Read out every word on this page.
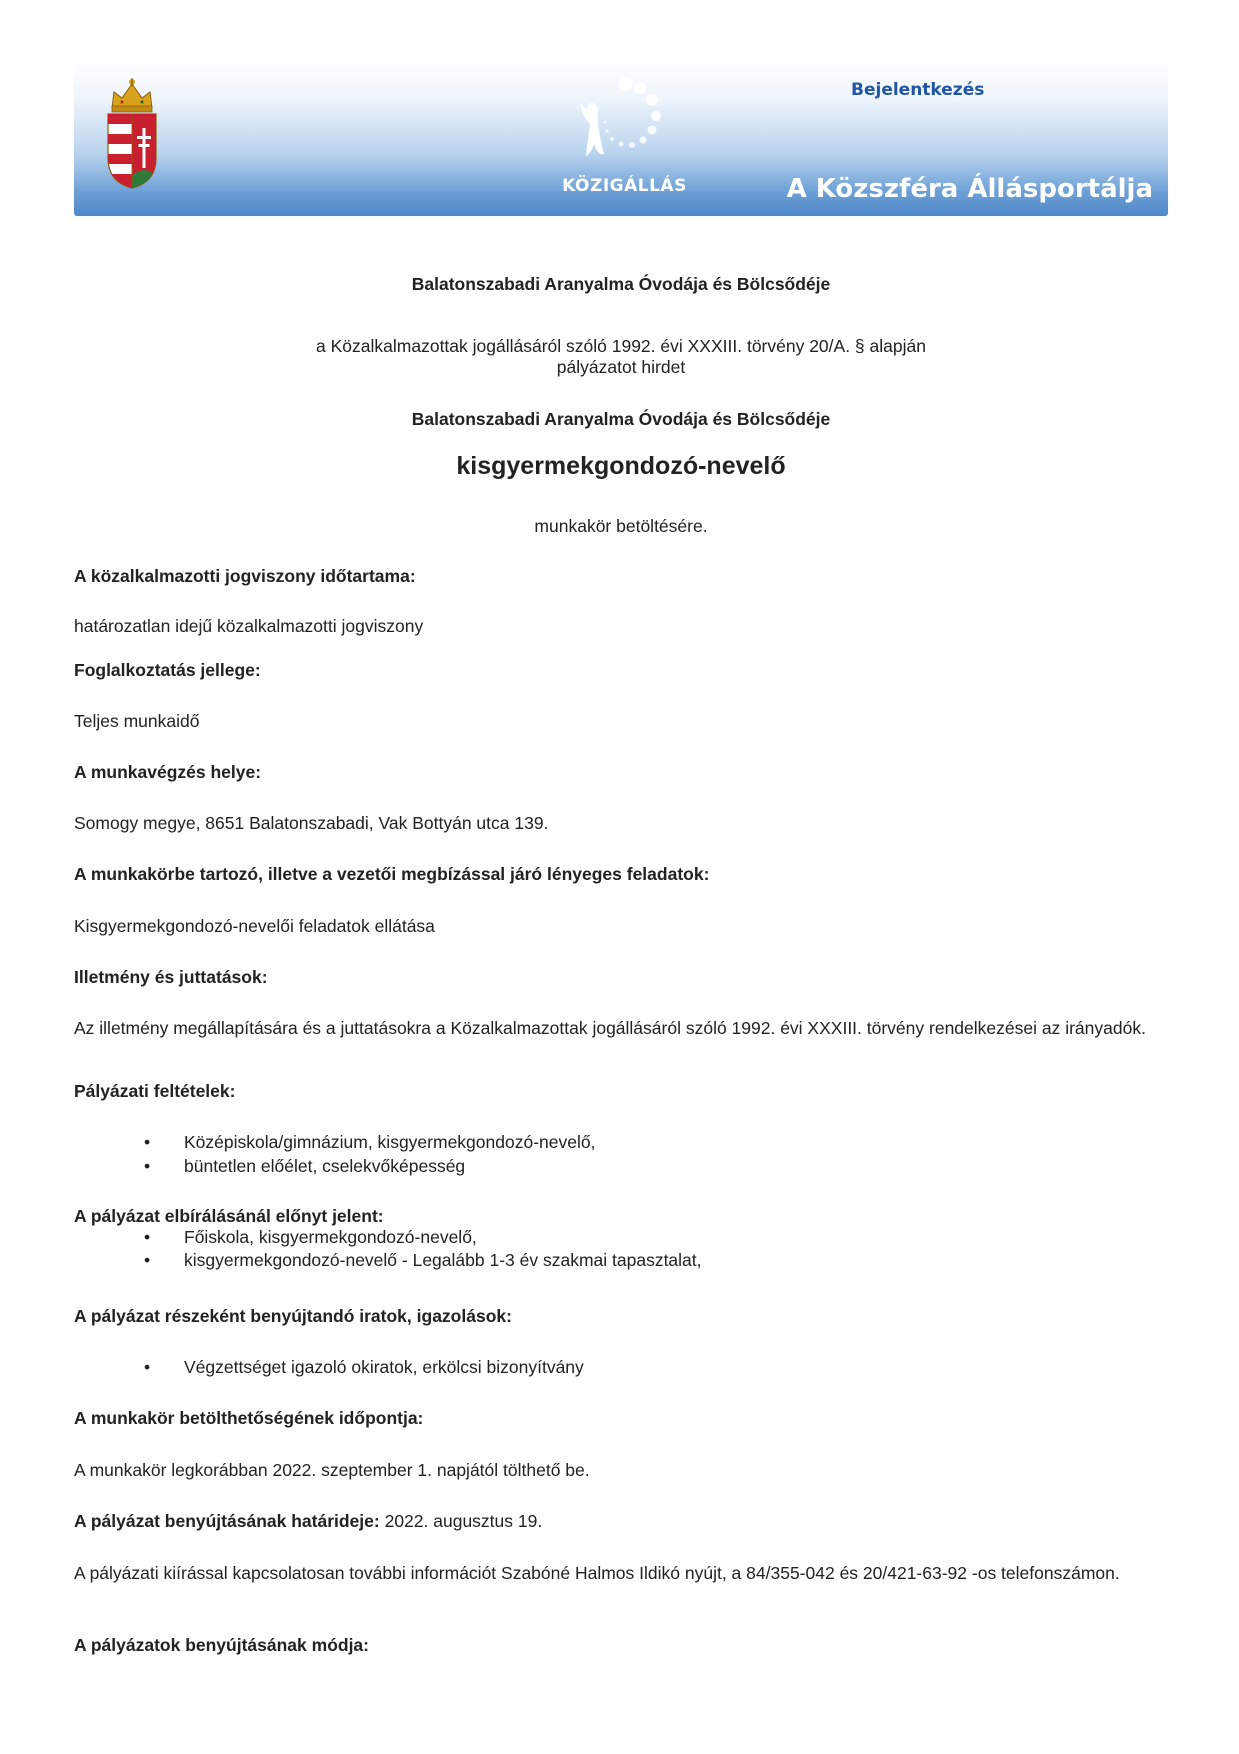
KÖZIGÁLLÁS
Bejelentkezés
A Közszféra Állásportálja
Balatonszabadi Aranyalma Óvodája és Bölcsődéje
a Közalkalmazottak jogállásáról szóló 1992. évi XXXIII. törvény 20/A. § alapján
pályázatot hirdet
Balatonszabadi Aranyalma Óvodája és Bölcsődéje
kisgyermekgondozó-nevelő
munkakör betöltésére.
A közalkalmazotti jogviszony időtartama:
határozatlan idejű közalkalmazotti jogviszony
Foglalkoztatás jellege:
Teljes munkaidő
A munkavégzés helye:
Somogy megye, 8651 Balatonszabadi, Vak Bottyán utca 139.
A munkakörbe tartozó, illetve a vezetői megbízással járó lényeges feladatok:
Kisgyermekgondozó-nevelői feladatok ellátása
Illetmény és juttatások:
Az illetmény megállapítására és a juttatásokra a Közalkalmazottak jogállásáról szóló 1992. évi XXXIII. törvény rendelkezései az irányadók.
Pályázati feltételek:
• Középiskola/gimnázium, kisgyermekgondozó-nevelő,
• büntetlen előélet, cselekvőképesség
A pályázat elbírálásánál előnyt jelent:
• Főiskola, kisgyermekgondozó-nevelő,
• kisgyermekgondozó-nevelő - Legalább 1-3 év szakmai tapasztalat,
A pályázat részeként benyújtandó iratok, igazolások:
• Végzettséget igazoló okiratok, erkölcsi bizonyítvány
A munkakör betölthetőségének időpontja:
A munkakör legkorábban 2022. szeptember 1. napjától tölthető be.
A pályázat benyújtásának határideje: 2022. augusztus 19.
A pályázati kiírással kapcsolatosan további információt Szabóné Halmos Ildikó nyújt, a 84/355-042 és 20/421-63-92 -os telefonszámon.
A pályázatok benyújtásának módja:
